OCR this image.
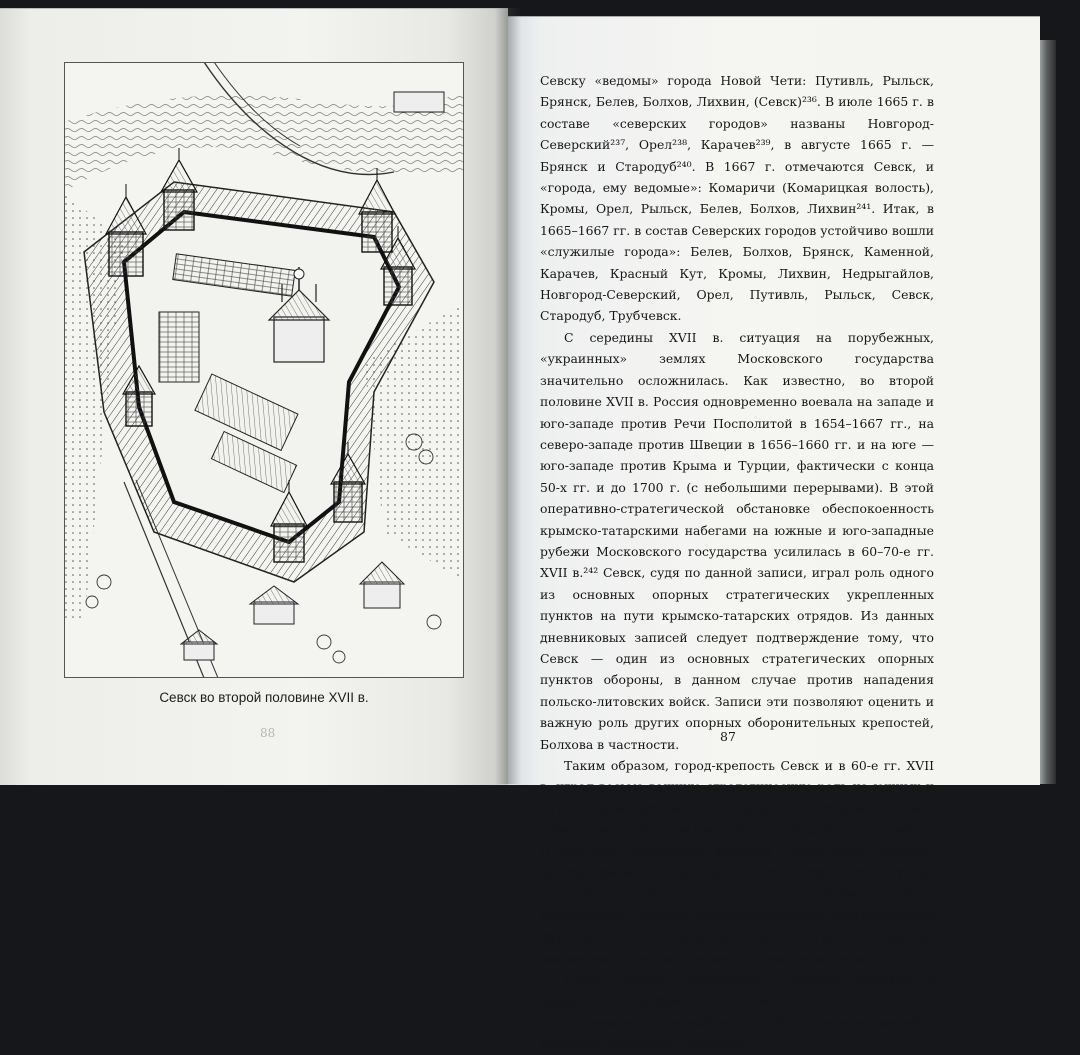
Севск во второй половине XVII в.
88

Севску «ведомы» города Новой Чети: Путивль, Рыльск, Брянск, Белев, Болхов, Лихвин, (Севск)²³⁶. В июле 1665 г. в составе «северских городов» названы Новгород-Северский²³⁷, Орел²³⁸, Карачев²³⁹, в августе 1665 г. — Брянск и Стародуб²⁴⁰. В 1667 г. отмечаются Севск, и «города, ему ведомые»: Комаричи (Комарицкая волость), Кромы, Орел, Рыльск, Белев, Болхов, Лихвин²⁴¹. Итак, в 1665–1667 гг. в состав Северских городов устойчиво вошли «служилые города»: Белев, Болхов, Брянск, Каменной, Карачев, Красный Кут, Кромы, Лихвин, Недрыгайлов, Новгород-Северский, Орел, Путивль, Рыльск, Севск, Стародуб, Трубчевск.

С середины XVII в. ситуация на порубежных, «украинных» землях Московского государства значительно осложнилась. Как известно, во второй половине XVII в. Россия одновременно воевала на западе и юго-западе против Речи Посполитой в 1654–1667 гг., на северо-западе против Швеции в 1656–1660 гг. и на юге — юго-западе против Крыма и Турции, фактически с конца 50-х гг. и до 1700 г. (с небольшими перерывами). В этой оперативно-стратегической обстановке обеспокоенность крымско-татарскими набегами на южные и юго-западные рубежи Московского государства усилилась в 60–70-е гг. XVII в.²⁴² Севск, судя по данной записи, играл роль одного из основных опорных стратегических укрепленных пунктов на пути крымско-татарских отрядов. Из данных дневниковых записей следует подтверждение тому, что Севск — один из основных стратегических опорных пунктов обороны, в данном случае против нападения польско-литовских войск. Записи эти позволяют оценить и важную роль других опорных оборонительных крепостей, Болхова в частности.

Таким образом, город-крепость Севск и в 60-е гг. XVII в. играл весьма важную стратегическую роль на южных и юго-западных рубежах и направлениях обороны России, едва ли меньшую, чем Смоленск на западных ее границах. И, как уже отмечалось, функции Севска были двойные: против крымско-татарской и польско-литовской угрозы. Через Болхов и Калугу этот город-крепость был связан со Смоленском. Таковые коммуникационные стратегические функции Болхова превращали и этот город в один из важнейших пунктов обороны России в этом регионе.

Самое раннее упоминание Севского разряда в официальных документах относится к 5 июня 1664 г., когда воеводе в Севский разряд было послано знамя²⁴³. Вручение разрядного знамени

87
